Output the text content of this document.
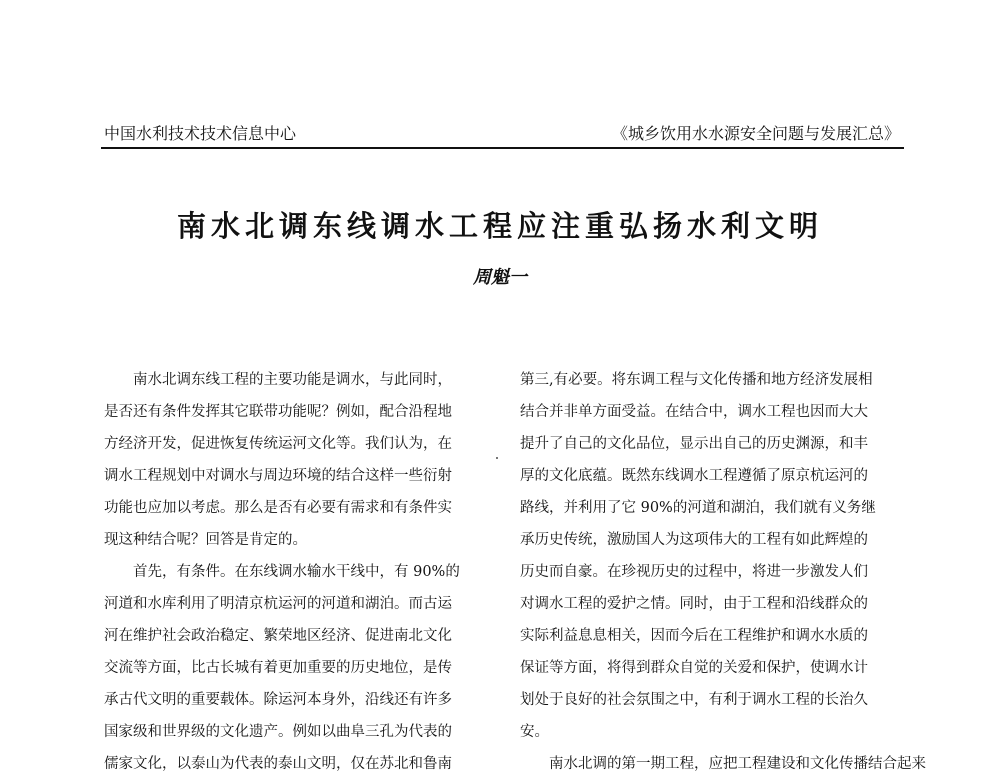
中国水利技术技术信息中心	《城乡饮用水水源安全问题与发展汇总》
南水北调东线调水工程应注重弘扬水利文明
周魁一
南水北调东线工程的主要功能是调水，与此同时，
是否还有条件发挥其它联带功能呢？例如，配合沿程地
方经济开发，促进恢复传统运河文化等。我们认为，在
调水工程规划中对调水与周边环境的结合这样一些衍射
功能也应加以考虑。那么是否有必要有需求和有条件实
现这种结合呢？回答是肯定的。
首先，有条件。在东线调水输水干线中，有 90%的
河道和水库利用了明清京杭运河的河道和湖泊。而古运
河在维护社会政治稳定、繁荣地区经济、促进南北文化
交流等方面，比古长城有着更加重要的历史地位，是传
承古代文明的重要载体。除运河本身外，沿线还有许多
国家级和世界级的文化遗产。例如以曲阜三孔为代表的
儒家文化，以泰山为代表的泰山文明，仅在苏北和鲁南
第三,有必要。将东调工程与文化传播和地方经济发展相
结合并非单方面受益。在结合中，调水工程也因而大大
提升了自己的文化品位，显示出自己的历史渊源，和丰
厚的文化底蕴。既然东线调水工程遵循了原京杭运河的
路线，并利用了它 90%的河道和湖泊，我们就有义务继
承历史传统，激励国人为这项伟大的工程有如此辉煌的
历史而自豪。在珍视历史的过程中，将进一步激发人们
对调水工程的爱护之情。同时，由于工程和沿线群众的
实际利益息息相关，因而今后在工程维护和调水水质的
保证等方面，将得到群众自觉的关爱和保护，使调水计
划处于良好的社会氛围之中，有利于调水工程的长治久
安。
南水北调的第一期工程，应把工程建设和文化传播结合起来
